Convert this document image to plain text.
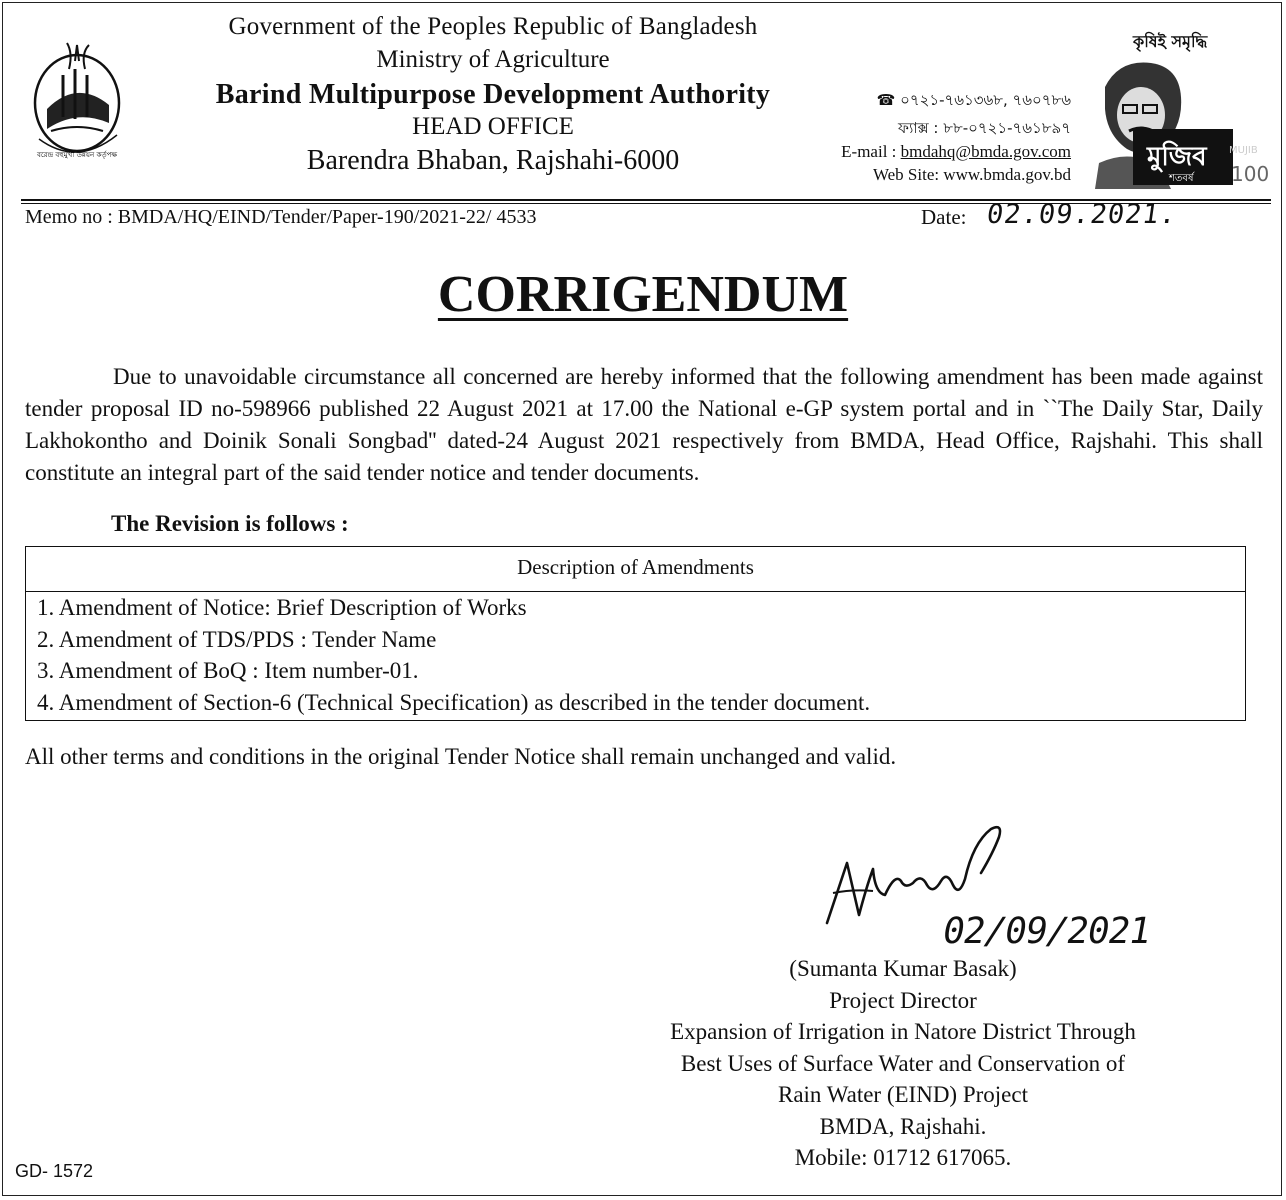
বরেন্দ্র বহুমুখী উন্নয়ন কর্তৃপক্ষ
Government of the Peoples Republic of Bangladesh
Ministry of Agriculture
Barind Multipurpose Development Authority
HEAD OFFICE
Barendra Bhaban, Rajshahi-6000
☎ ০৭২১-৭৬১৩৬৮, ৭৬০৭৮৬
ফ্যাক্স : ৮৮-০৭২১-৭৬১৮৯৭
E-mail : bmdahq@bmda.gov.com
Web Site: www.bmda.gov.bd
কৃষিই সমৃদ্ধি
মুজিব MUJIB
100
শতবর্ষ
Memo no : BMDA/HQ/EIND/Tender/Paper-190/2021-22/ 4533	Date: 02.09.2021.
CORRIGENDUM
Due to unavoidable circumstance all concerned are hereby informed that the following amendment has been made against tender proposal ID no-598966 published 22 August 2021 at 17.00 the National e-GP system portal and in ``The Daily Star, Daily Lakhokontho and Doinik Sonali Songbad'' dated-24 August 2021 respectively from BMDA, Head Office, Rajshahi. This shall constitute an integral part of the said tender notice and tender documents.
The Revision is follows :
Description of Amendments
1. Amendment of Notice: Brief Description of Works
2. Amendment of TDS/PDS : Tender Name
3. Amendment of BoQ : Item number-01.
4. Amendment of Section-6 (Technical Specification) as described in the tender document.
All other terms and conditions in the original Tender Notice shall remain unchanged and valid.
02/09/2021
(Sumanta Kumar Basak)
Project Director
Expansion of Irrigation in Natore District Through
Best Uses of Surface Water and Conservation of
Rain Water (EIND) Project
BMDA, Rajshahi.
Mobile: 01712 617065.
GD- 1572
